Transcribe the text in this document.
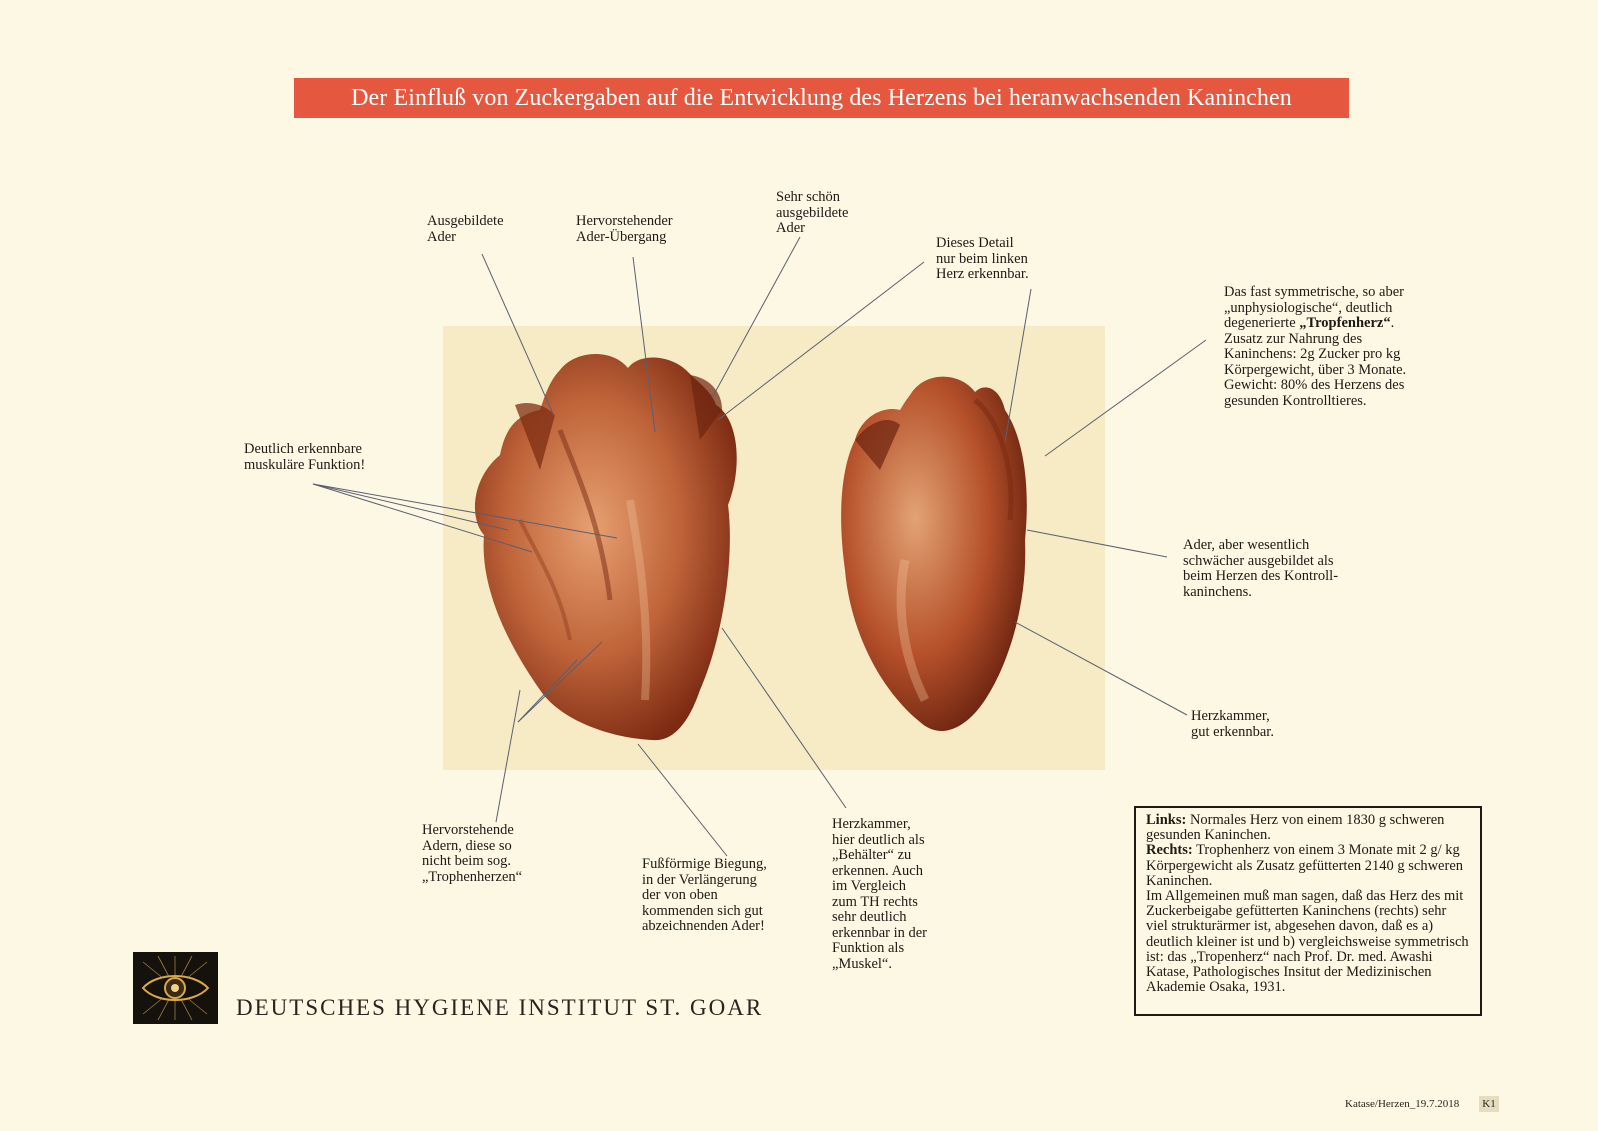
Der Einfluß von Zuckergaben auf die Entwicklung des Herzens bei heranwachsenden Kaninchen
Ausgebildete
Ader
Hervorstehender
Ader-Übergang
Sehr schön
ausgebildete
Ader
Dieses Detail
nur beim linken
Herz erkennbar.
Deutlich erkennbare
muskuläre Funktion!
Hervorstehende
Adern, diese so
nicht beim sog.
„Trophenherzen“
Fußförmige Biegung,
in der Verlängerung
der von oben
kommenden sich gut
abzeichnenden Ader!
Herzkammer,
hier deutlich als
„Behälter“ zu
erkennen. Auch
im Vergleich
zum TH rechts
sehr deutlich
erkennbar in der
Funktion als
„Muskel“.
Das fast symmetrische, so aber
„unphysiologische“, deutlich
degenerierte „Tropfenherz“.
Zusatz zur Nahrung des
Kaninchens: 2g Zucker pro kg
Körpergewicht, über 3 Monate.
Gewicht: 80% des Herzens des
gesunden Kontrolltieres.
Ader, aber wesentlich
schwächer ausgebildet als
beim Herzen des Kontroll-
kaninchens.
Herzkammer,
gut erkennbar.
Links: Normales Herz von einem 1830 g schweren gesunden Kaninchen.
Rechts: Trophenherz von einem 3 Monate mit 2 g/ kg Körpergewicht als Zusatz gefütterten 2140 g schweren Kaninchen.
Im Allgemeinen muß man sagen, daß das Herz des mit Zuckerbeigabe gefütterten Kaninchens (rechts) sehr viel strukturärmer ist, abgesehen davon, daß es a) deutlich kleiner ist und b) vergleichsweise symmetrisch ist: das „Tropenherz“ nach Prof. Dr. med. Awashi Katase, Pathologisches Insitut der Medizinischen Akademie Osaka, 1931.
DEUTSCHES HYGIENE INSTITUT ST. GOAR
Katase/Herzen_19.7.2018 K1
